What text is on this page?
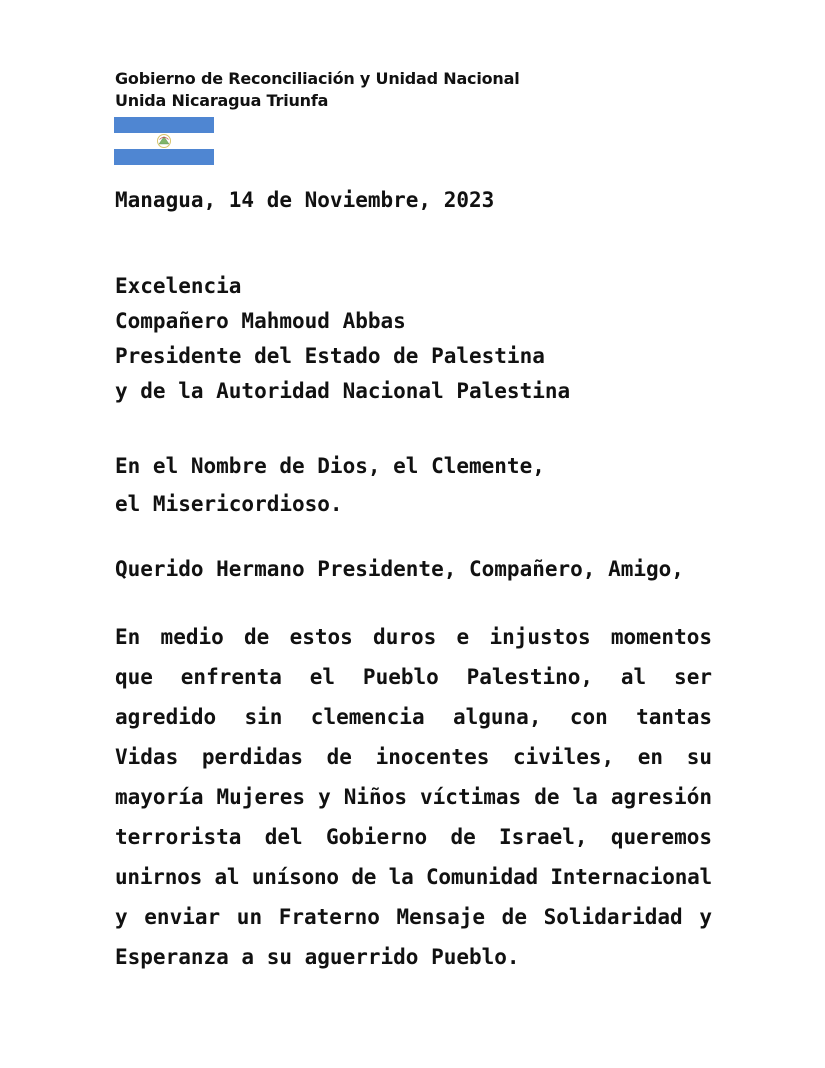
Gobierno de Reconciliación y Unidad Nacional
Unida Nicaragua Triunfa
Managua, 14 de Noviembre, 2023
Excelencia
Compañero Mahmoud Abbas
Presidente del Estado de Palestina
y de la Autoridad Nacional Palestina
En el Nombre de Dios, el Clemente,
el Misericordioso.
Querido Hermano Presidente, Compañero, Amigo,
En medio de estos duros e injustos momentos
que enfrenta el Pueblo Palestino, al ser
agredido sin clemencia alguna, con tantas
Vidas perdidas de inocentes civiles, en su
mayoría Mujeres y Niños víctimas de la agresión
terrorista del Gobierno de Israel, queremos
unirnos al unísono de la Comunidad Internacional
y enviar un Fraterno Mensaje de Solidaridad y
Esperanza a su aguerrido Pueblo.
